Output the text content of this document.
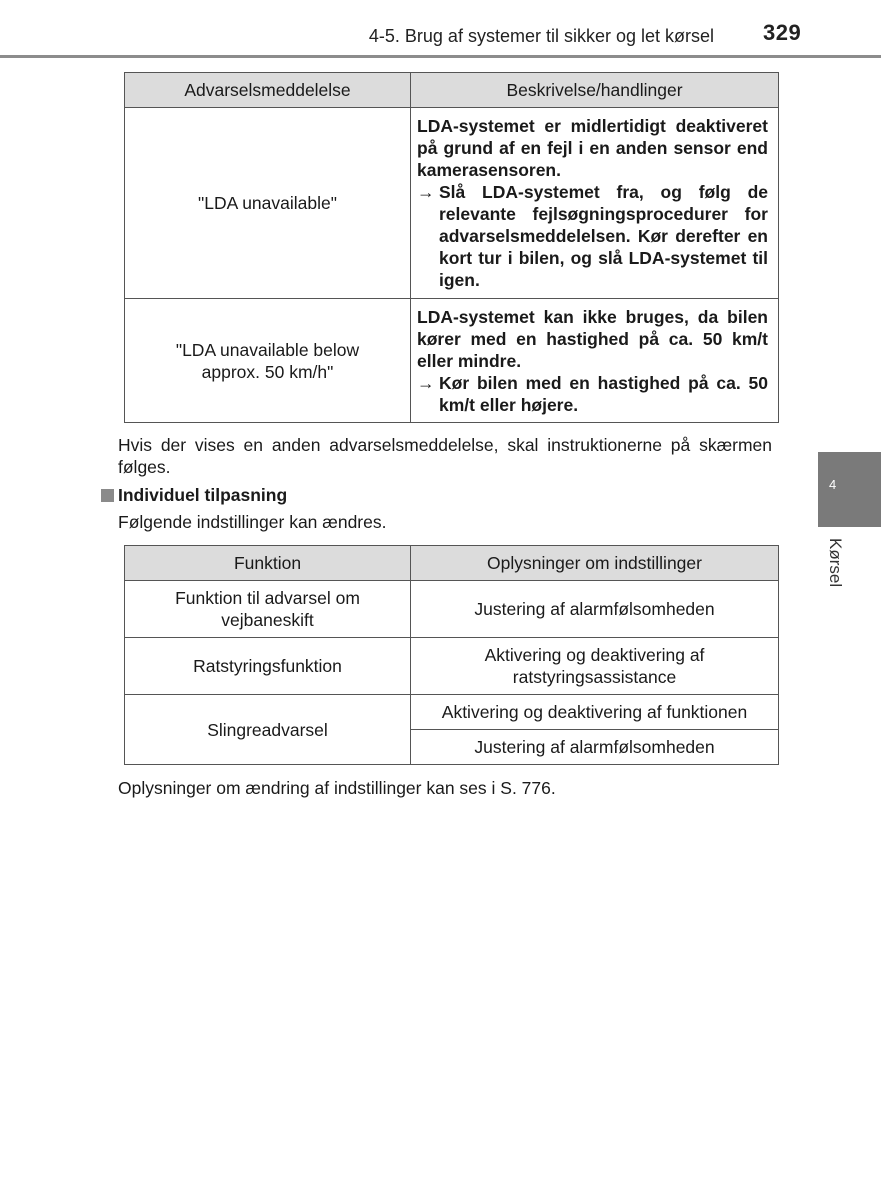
4-5. Brug af systemer til sikker og let kørsel 329
4
Kørsel
Advarselsmeddelelse	Beskrivelse/handlinger
"LDA unavailable"	LDA-systemet er midlertidigt deaktiveret på grund af en fejl i en anden sensor end kamerasensoren.

→ Slå LDA-systemet fra, og følg de relevante fejlsøgningsprocedurer for advarselsmeddelelsen. Kør derefter en kort tur i bilen, og slå LDA-systemet til igen.

"LDA unavailable below approx. 50 km/h"	LDA-systemet kan ikke bruges, da bilen kører med en hastighed på ca. 50 km/t eller mindre.

→ Kør bilen med en hastighed på ca. 50 km/t eller højere.
Hvis der vises en anden advarselsmeddelelse, skal instruktionerne på skærmen følges.
Individuel tilpasning
Følgende indstillinger kan ændres.
Funktion	Oplysninger om indstillinger

Funktion til advarsel om vejbaneskift	Justering af alarmfølsomheden
Ratstyringsfunktion	Aktivering og deaktivering af ratstyringsassistance

Slingreadvarsel	Aktivering og deaktivering af funktionen
	Justering af alarmfølsomheden
Oplysninger om ændring af indstillinger kan ses i S. 776.
